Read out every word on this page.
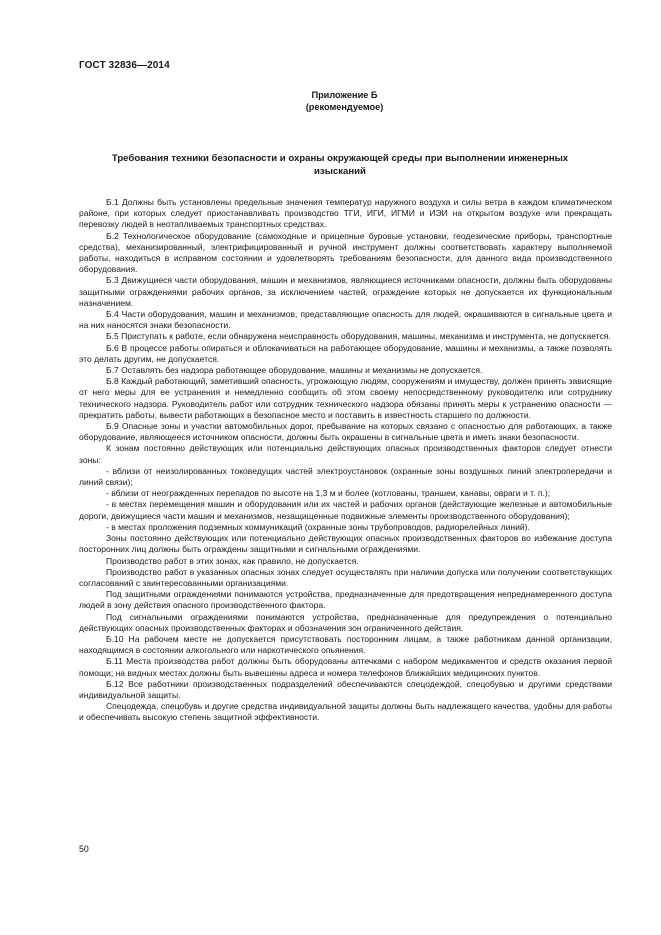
ГОСТ 32836—2014
Приложение Б
(рекомендуемое)
Требования техники безопасности и охраны окружающей среды при выполнении инженерных изысканий

Б.1 Должны быть установлены предельные значения температур наружного воздуха и силы ветра в каждом климатическом районе, при которых следует приостанавливать производство ТГИ, ИГИ, ИГМИ и ИЭИ на открытом воздухе или прекращать перевозку людей в неотапливаемых транспортных средствах.

Б.2 Технологическое оборудование (самоходные и прицепные буровые установки, геодезические приборы, транспортные средства), механизированный, электрифицированный и ручной инструмент должны соответствовать характеру выполняемой работы, находиться в исправном состоянии и удовлетворять требованиям безопасности, для данного вида производственного оборудования.

Б.3 Движущиеся части оборудования, машин и механизмов, являющиеся источниками опасности, должны быть оборудованы защитными ограждениями рабочих органов, за исключением частей, ограждение которых не допускается их функциональным назначением.

Б.4 Части оборудования, машин и механизмов, представляющие опасность для людей, окрашиваются в сигнальные цвета и на них наносятся знаки безопасности.

Б.5 Приступать к работе, если обнаружена неисправность оборудования, машины, механизма и инструмента, не допускается.

Б.6 В процессе работы опираться и облокачиваться на работающее оборудование, машины и механизмы, а также позволять это делать другим, не допускается.

Б.7 Оставлять без надзора работающее оборудование, машины и механизмы не допускается.

Б.8 Каждый работающий, заметивший опасность, угрожающую людям, сооружениям и имуществу, должен принять зависящие от него меры для ее устранения и немедленно сообщить об этом своему непосредственному руководителю или сотруднику технического надзора. Руководитель работ или сотрудник технического надзора обязаны принять меры к устранению опасности — прекратить работы, вывести работающих в безопасное место и поставить в известность старшего по должности.

Б.9 Опасные зоны и участки автомобильных дорог, пребывание на которых связано с опасностью для работающих, а также оборудование, являющееся источником опасности, должны быть окрашены в сигнальные цвета и иметь знаки безопасности.

К зонам постоянно действующих или потенциально действующих опасных производственных факторов следует отнести зоны:

- вблизи от неизолированных токоведущих частей электроустановок (охранные зоны воздушных линий электропередачи и линий связи);

- вблизи от неогражденных перепадов по высоте на 1,3 м и более (котлованы, траншеи, канавы, овраги и т. п.);

- в местах перемещения машин и оборудования или их частей и рабочих органов (действующие железные и автомобильные дороги, движущиеся части машин и механизмов, незащищенные подвижные элементы производственного оборудования);

- в местах проложения подземных коммуникаций (охранные зоны трубопроводов, радиорелейных линий).

Зоны постоянно действующих или потенциально действующих опасных производственных факторов во избежание доступа посторонних лиц должны быть ограждены защитными и сигнальными ограждениями.

Производство работ в этих зонах, как правило, не допускается.

Производство работ в указанных опасных зонах следует осуществлять при наличии допуска или получении соответствующих согласований с заинтересованными организациями.

Под защитными ограждениями понимаются устройства, предназначенные для предотвращения непреднамеренного доступа людей в зону действия опасного производственного фактора.

Под сигнальными ограждениями понимаются устройства, предназначенные для предупреждения о потенциально действующих опасных производственных факторах и обозначения зон ограниченного действия.

Б.10 На рабочем месте не допускается присутствовать посторонним лицам, а также работникам данной организации, находящимся в состоянии алкогольного или наркотического опьянения.

Б.11 Места производства работ должны быть оборудованы аптечками с набором медикаментов и средств оказания первой помощи; на видных местах должны быть вывешены адреса и номера телефонов ближайших медицинских пунктов.

Б.12 Все работники производственных подразделений обеспечиваются спецодеждой, спецобувью и другими средствами индивидуальной защиты.

Спецодежда, спецобувь и другие средства индивидуальной защиты должны быть надлежащего качества, удобны для работы и обеспечивать высокую степень защитной эффективности.

50
